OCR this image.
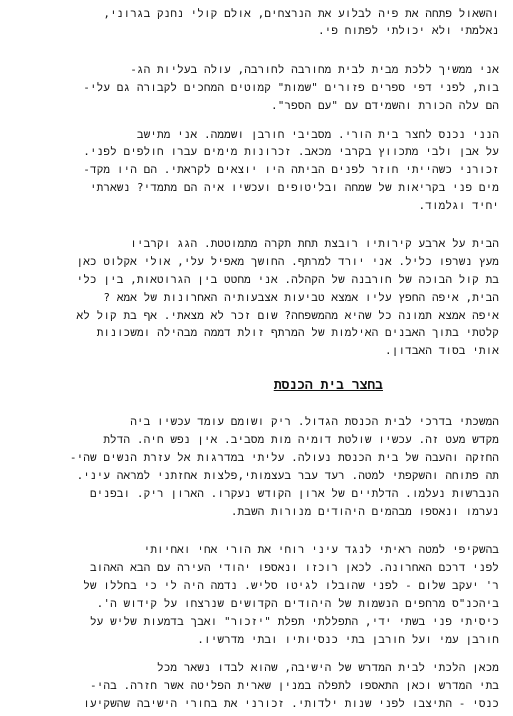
והשאול פתחה את פיה לבלוע את הנרצחים, אולם קולי נחנק בגרוני,
נאלמתי ולא יכולתי לפתוח פי.
אני ממשיך ללכת מבית לבית מחורבה לחורבה, עולה בעליות הג-
בות, לפני דפי ספרים פזורים "שמות" קמוטים המחכים לקבורה גם עלי-
הם עלה הכורת והשמידם עם "עם הספר".
הנני נכנס לחצר בית הורי. מסביבי חורבן ושממה. אני מתישב
על אבן ולבי מתכווץ בקרבי מכאב. זכרונות מימים עברו חולפים לפני.
זכורני כשהייתי חוזר לפנים הביתה היו יוצאים לקראתי. הם היו מקד-
מים פני בקריאות של שמחה ובליטופים ועכשיו איה הם מתמדי? נשארתי
יחיד וגלמוד.
הבית על ארבע קירותיו רובצת תחת תקרה מתמוטטת. הגג וקרביו
מעץ נשרפו כליל. אני יורד למרתף. החושך מאפיל עלי, אולי אקלוט כאן
בת קול הבוכה של חורבנה של הקהלה. אני מחטט בין הגרוטאות, בין כלי
הבית, איפה החפץ עליו אמצא טביעות אצבעותיה האחרונות של אמא ?
איפה אמצא תמונה כל שהיא מהמשפחה? שום זכר לא מצאתי. אף בת קול לא
קלטתי בתוך האבנים האילמות של המרתף זולת דממה מבהילה ומשכונות
אותי בסוד האבדון.
בחצר בית הכנסת
המשכתי בדרכי לבית הכנסת הגדול. ריק ושומם עומד עכשיו ביה
מקדש מעט זה. עכשיו שולטת דומיה מות מסביב. אין נפש חיה. הדלת
החזקה והעבה של בית הכנסת נעולה. עליתי במדרגות אל עזרת הנשים שהי-
תה פתוחה והשקפתי למטה. רעד עבר בעצמותי,פלצות אחזתני למראה עיני.
הנברשות נעלמו. הדלתיים של ארון הקודש נעקרו. הארון ריק. ובפנים
נערמו ונאספו מבהמים היהודים מנורות השבת.
בהשקיפי למטה ראיתי לנגד עיני רוחי את הורי אחי ואחיותי
לפני דרכם האחרונה. לכאן רוכזו ונאספו יהודי העירה עם הבא האהוב
ר' יעקב שלום - לפני שהובלו לגיטו סליש. נדמה היה לי כי בחללו של
ביהכנ"ס מרחפים הנשמות של היהודים הקדושים שנרצחו על קידוש ה'.
כיסיתי פני בשתי ידי, התפללתי תפלת "יזכור" ואבך בדמעות שליש על
חורבן עמי ועל חורבן בתי כנסיותיו ובתי מדרשיו.
מכאן הלכתי לבית המדרש של הישיבה, שהוא לבדו נשאר מכל
בתי המדרש וכאן התאספו לתפלה במנין שארית הפליטה אשר חזרה. בהי-
כנסי - התיצבו לפני שנות ילדותי. זכורני את בחורי הישיבה שהשקיעו
